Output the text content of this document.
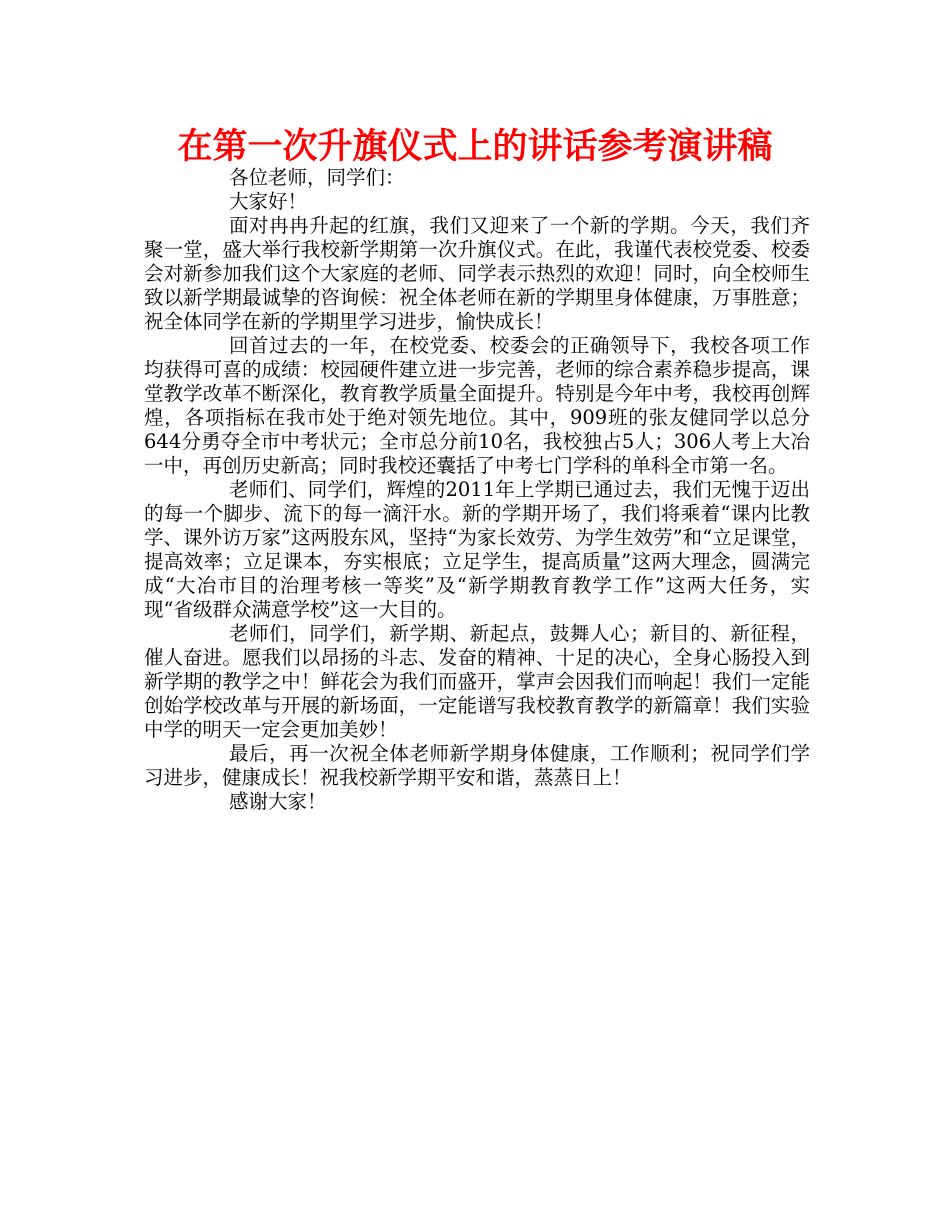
在第一次升旗仪式上的讲话参考演讲稿

各位老师，同学们：

大家好！

面对冉冉升起的红旗，我们又迎来了一个新的学期。今天，我们齐聚一堂，盛大举行我校新学期第一次升旗仪式。在此，我谨代表校党委、校委会对新参加我们这个大家庭的老师、同学表示热烈的欢迎！同时，向全校师生致以新学期最诚挚的咨询候：祝全体老师在新的学期里身体健康，万事胜意；祝全体同学在新的学期里学习进步，愉快成长！

回首过去的一年，在校党委、校委会的正确领导下，我校各项工作均获得可喜的成绩：校园硬件建立进一步完善，老师的综合素养稳步提高，课堂教学改革不断深化，教育教学质量全面提升。特别是今年中考，我校再创辉煌，各项指标在我市处于绝对领先地位。其中，909班的张友健同学以总分644分勇夺全市中考状元；全市总分前10名，我校独占5人；306人考上大冶一中，再创历史新高；同时我校还囊括了中考七门学科的单科全市第一名。

老师们、同学们，辉煌的2011年上学期已通过去，我们无愧于迈出的每一个脚步、流下的每一滴汗水。新的学期开场了，我们将乘着“课内比教学、课外访万家”这两股东风，坚持“为家长效劳、为学生效劳”和“立足课堂，提高效率；立足课本，夯实根底；立足学生，提高质量”这两大理念，圆满完成“大冶市目的治理考核一等奖”及“新学期教育教学工作”这两大任务，实现“省级群众满意学校”这一大目的。

老师们，同学们，新学期、新起点，鼓舞人心；新目的、新征程，催人奋进。愿我们以昂扬的斗志、发奋的精神、十足的决心，全身心肠投入到新学期的教学之中！鲜花会为我们而盛开，掌声会因我们而响起！我们一定能创始学校改革与开展的新场面，一定能谱写我校教育教学的新篇章！我们实验中学的明天一定会更加美妙！

最后，再一次祝全体老师新学期身体健康，工作顺利；祝同学们学习进步，健康成长！祝我校新学期平安和谐，蒸蒸日上！

感谢大家！
